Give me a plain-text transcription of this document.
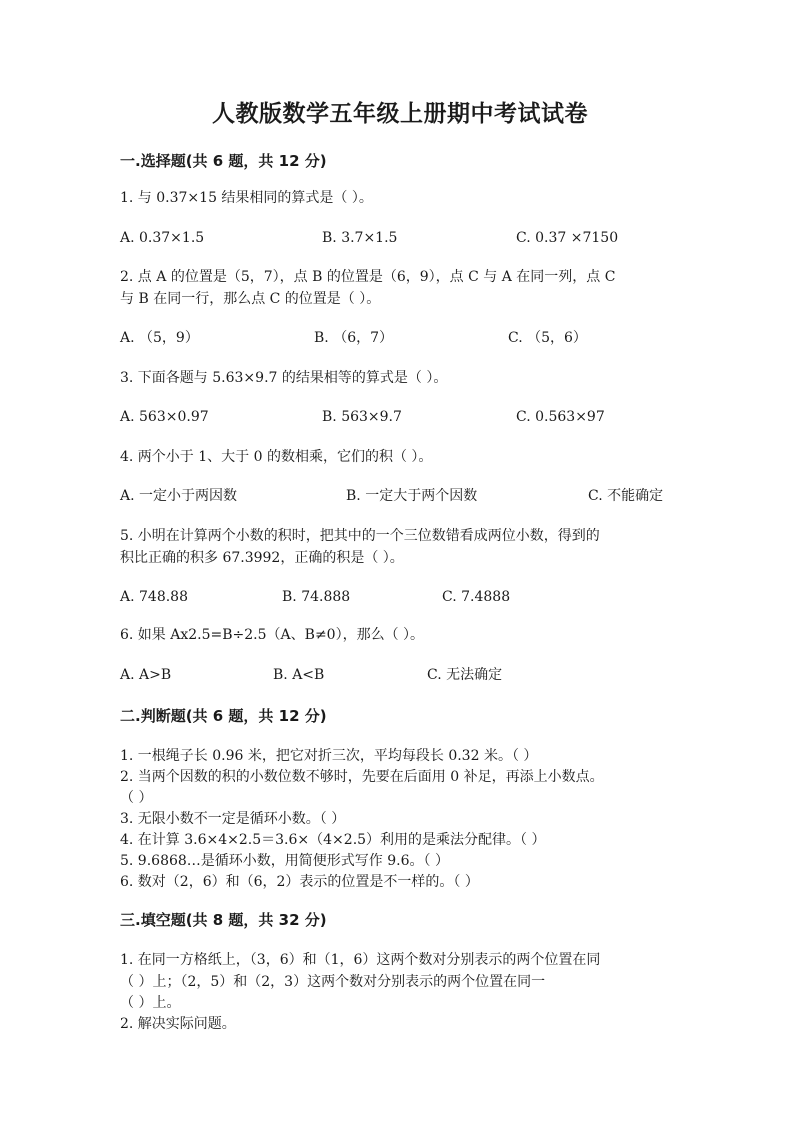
人教版数学五年级上册期中考试试卷
一.选择题(共 6 题，共 12 分)
1. 与 0.37×15 结果相同的算式是（ ）。
A. 0.37×1.5	B. 3.7×1.5	C. 0.37 ×7150
2. 点 A 的位置是（5，7），点 B 的位置是（6，9），点 C 与 A 在同一列，点 C
与 B 在同一行，那么点 C 的位置是（ ）。
A. （5，9）	B. （6，7）	C. （5，6）
3. 下面各题与 5.63×9.7 的结果相等的算式是（ ）。
A. 563×0.97	B. 563×9.7	C. 0.563×97
4. 两个小于 1、大于 0 的数相乘，它们的积（ ）。
A. 一定小于两因数	B. 一定大于两个因数	C. 不能确定
5. 小明在计算两个小数的积时，把其中的一个三位数错看成两位小数，得到的
积比正确的积多 67.3992，正确的积是（ ）。
A. 748.88	B. 74.888	C. 7.4888
6. 如果 Ax2.5=B÷2.5（A、B≠0），那么（ ）。
A. A>B	B. A<B	C. 无法确定
二.判断题(共 6 题，共 12 分)
1. 一根绳子长 0.96 米，把它对折三次，平均每段长 0.32 米。（ ）
2. 当两个因数的积的小数位数不够时，先要在后面用 0 补足，再添上小数点。
（ ）
3. 无限小数不一定是循环小数。（ ）
4. 在计算 3.6×4×2.5＝3.6×（4×2.5）利用的是乘法分配律。（ ）
5. 9.6868…是循环小数，用简便形式写作 9.6。（ ）
6. 数对（2，6）和（6，2）表示的位置是不一样的。（ ）
三.填空题(共 8 题，共 32 分)
1. 在同一方格纸上，（3，6）和（1，6）这两个数对分别表示的两个位置在同
（ ）上；（2，5）和（2，3）这两个数对分别表示的两个位置在同一
（ ）上。
2. 解决实际问题。
